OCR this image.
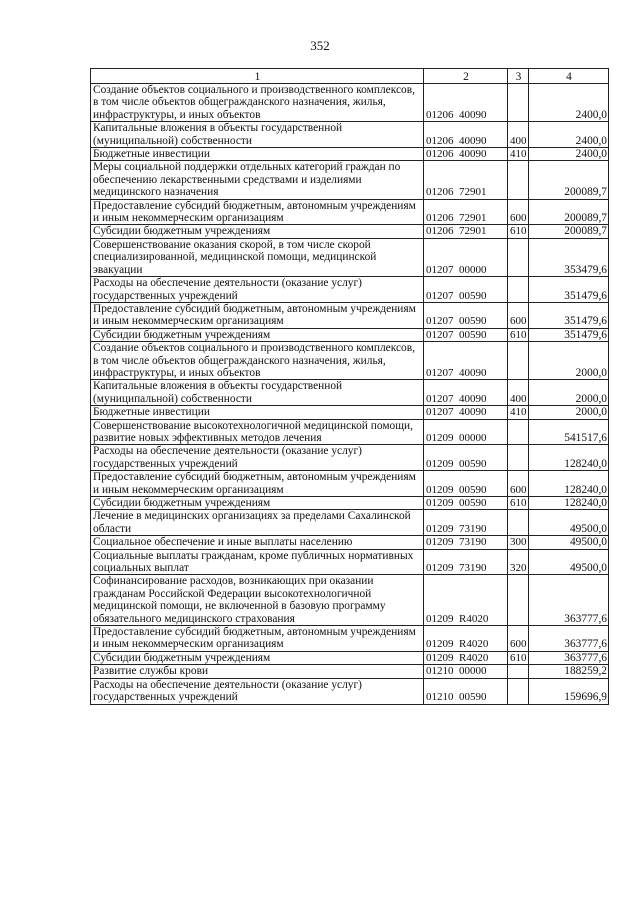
352
1	2	3	4
Создание объектов социального и производственного комплексов, в том числе объектов общегражданского назначения, жилья, инфраструктуры, и иных объектов	01206  40090		2400,0
Капитальные вложения в объекты государственной (муниципальной) собственности	01206  40090	400	2400,0
Бюджетные инвестиции	01206  40090	410	2400,0
Меры социальной поддержки отдельных категорий граждан по обеспечению лекарственными средствами и изделиями медицинского назначения	01206  72901		200089,7
Предоставление субсидий бюджетным, автономным учреждениям и иным некоммерческим организациям	01206  72901	600	200089,7
Субсидии бюджетным учреждениям	01206  72901	610	200089,7
Совершенствование оказания скорой, в том числе скорой специализированной, медицинской помощи, медицинской эвакуации	01207  00000		353479,6
Расходы на обеспечение деятельности (оказание услуг) государственных учреждений	01207  00590		351479,6
Предоставление субсидий бюджетным, автономным учреждениям и иным некоммерческим организациям	01207  00590	600	351479,6
Субсидии бюджетным учреждениям	01207  00590	610	351479,6
Создание объектов социального и производственного комплексов, в том числе объектов общегражданского назначения, жилья, инфраструктуры, и иных объектов	01207  40090		2000,0
Капитальные вложения в объекты государственной (муниципальной) собственности	01207  40090	400	2000,0
Бюджетные инвестиции	01207  40090	410	2000,0
Совершенствование высокотехнологичной медицинской помощи, развитие новых эффективных методов лечения	01209  00000		541517,6
Расходы на обеспечение деятельности (оказание услуг) государственных учреждений	01209  00590		128240,0
Предоставление субсидий бюджетным, автономным учреждениям и иным некоммерческим организациям	01209  00590	600	128240,0
Субсидии бюджетным учреждениям	01209  00590	610	128240,0
Лечение в медицинских организациях за пределами Сахалинской области	01209  73190		49500,0
Социальное обеспечение и иные выплаты населению	01209  73190	300	49500,0
Социальные выплаты гражданам, кроме публичных нормативных социальных выплат	01209  73190	320	49500,0
Софинансирование расходов, возникающих при оказании гражданам Российской Федерации высокотехнологичной медицинской помощи, не включенной в базовую программу обязательного медицинского страхования	01209  R4020		363777,6
Предоставление субсидий бюджетным, автономным учреждениям и иным некоммерческим организациям	01209  R4020	600	363777,6
Субсидии бюджетным учреждениям	01209  R4020	610	363777,6
Развитие службы крови	01210  00000		188259,2
Расходы на обеспечение деятельности (оказание услуг) государственных учреждений	01210  00590		159696,9
